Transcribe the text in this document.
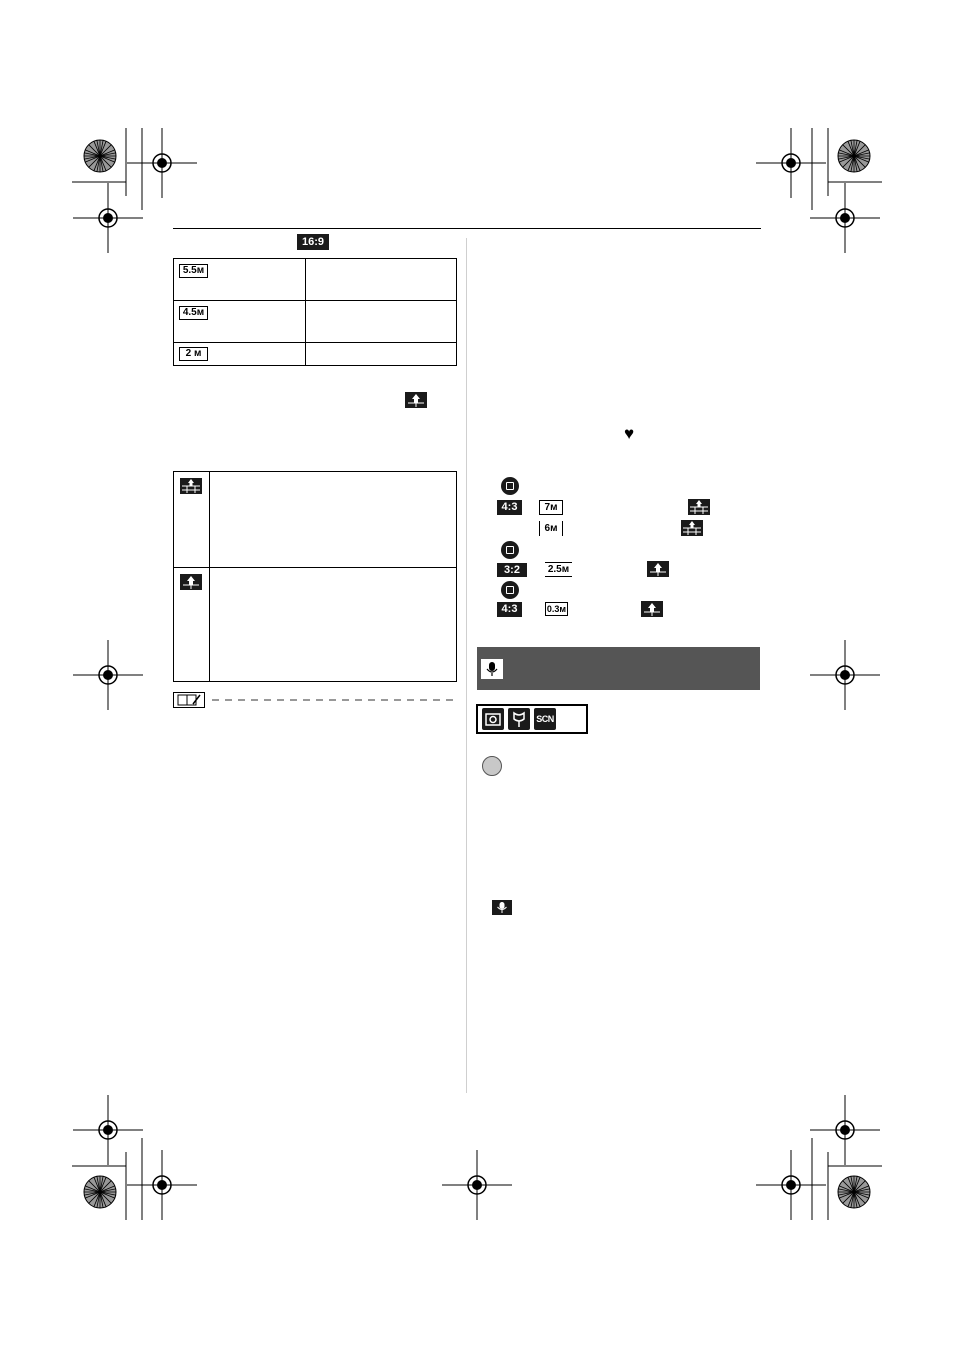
16:9
5.5м	

4.5м	

2 м	

♥
4:3	7м
6м
3:2	2.5м
4:3	0.3м
SCN
